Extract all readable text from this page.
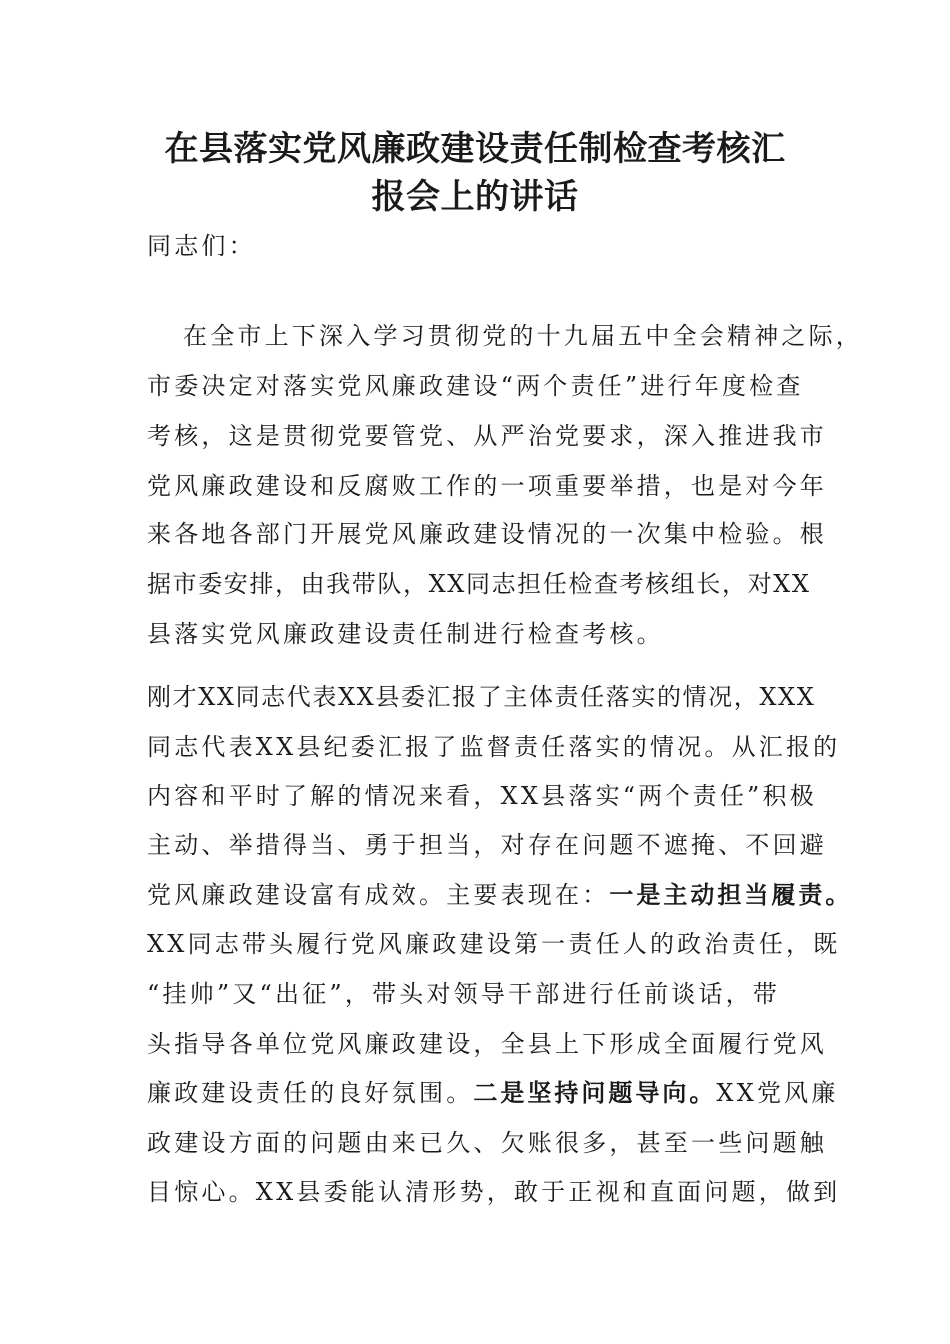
在县落实党风廉政建设责任制检查考核汇
报会上的讲话
同志们：
在全市上下深入学习贯彻党的十九届五中全会精神之际，
市委决定对落实党风廉政建设“两个责任”进行年度检查
考核，这是贯彻党要管党、从严治党要求，深入推进我市
党风廉政建设和反腐败工作的一项重要举措，也是对今年
来各地各部门开展党风廉政建设情况的一次集中检验。根
据市委安排，由我带队，XX同志担任检查考核组长，对XX
县落实党风廉政建设责任制进行检查考核。
刚才XX同志代表XX县委汇报了主体责任落实的情况，XXX
同志代表XX县纪委汇报了监督责任落实的情况。从汇报的
内容和平时了解的情况来看，XX县落实“两个责任”积极
主动、举措得当、勇于担当，对存在问题不遮掩、不回避
党风廉政建设富有成效。主要表现在：一是主动担当履责。
XX同志带头履行党风廉政建设第一责任人的政治责任，既
“挂帅”又“出征”，带头对领导干部进行任前谈话，带
头指导各单位党风廉政建设，全县上下形成全面履行党风
廉政建设责任的良好氛围。二是坚持问题导向。XX党风廉
政建设方面的问题由来已久、欠账很多，甚至一些问题触
目惊心。XX县委能认清形势，敢于正视和直面问题，做到
